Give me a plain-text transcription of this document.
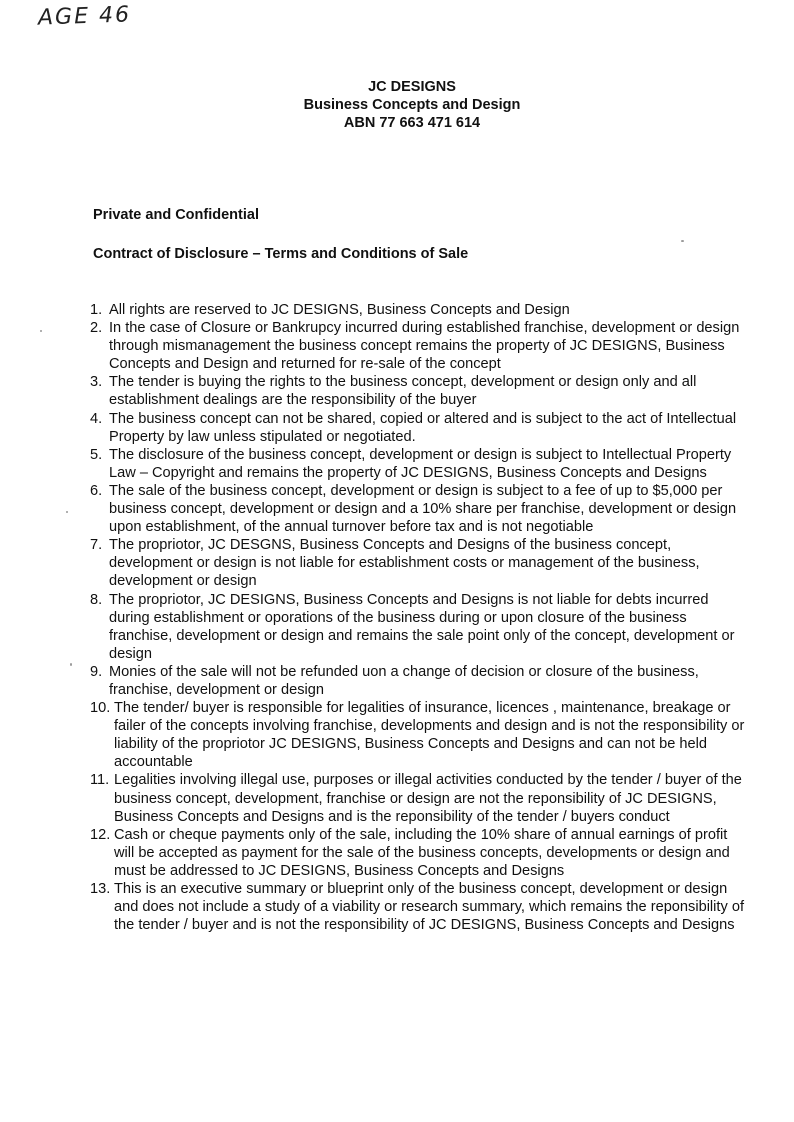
AGE 46
JC DESIGNS
Business Concepts and Design
ABN 77 663 471 614
Private and Confidential
Contract of Disclosure – Terms and Conditions of Sale
1. All rights are reserved to JC DESIGNS, Business Concepts and Design
2. In the case of Closure or Bankrupcy incurred during established franchise, development or design through mismanagement the business concept remains the property of JC DESIGNS, Business Concepts and Design and returned for re-sale of the concept
3. The tender is buying the rights to the business concept, development or design only and all establishment dealings are the responsibility of the buyer
4. The business concept can not be shared, copied or altered and is subject to the act of Intellectual Property by law unless stipulated or negotiated.
5. The disclosure of the business concept, development or design is subject to Intellectual Property Law – Copyright and remains the property of JC DESIGNS, Business Concepts and Designs
6. The sale of the business concept, development or design is subject to a fee of up to $5,000 per business concept, development or design and a 10% share per franchise, development or design upon establishment, of the annual turnover before tax and is not negotiable
7. The propriotor, JC DESGNS, Business Concepts and Designs of the business concept, development or design is not liable for establishment costs or management of the business, development or design
8. The propriotor, JC DESIGNS, Business Concepts and Designs is not liable for debts incurred during establishment or oporations of the business during or upon closure of the business franchise, development or design and remains the sale point only of the concept, development or design
9. Monies of the sale will not be refunded uon a change of decision or closure of the business, franchise, development or design
10. The tender/ buyer is responsible for legalities of insurance, licences , maintenance, breakage or failer of the concepts involving franchise, developments and design and is not the responsibility or liability of the propriotor JC DESIGNS, Business Concepts and Designs and can not be held accountable
11. Legalities involving illegal use, purposes or illegal activities conducted by the tender / buyer of the business concept, development, franchise or design are not the reponsibility of JC DESIGNS, Business Concepts and Designs and is the reponsibility of the tender / buyers conduct
12. Cash or cheque payments only of the sale, including the 10% share of annual earnings of profit will be accepted as payment for the sale of the business concepts, developments or design and must be addressed to JC DESIGNS, Business Concepts and Designs
13. This is an executive summary or blueprint only of the business concept, development or design and does not include a study of a viability or research summary, which remains the reponsibility of the tender / buyer and is not the responsibility of JC DESIGNS, Business Concepts and Designs
